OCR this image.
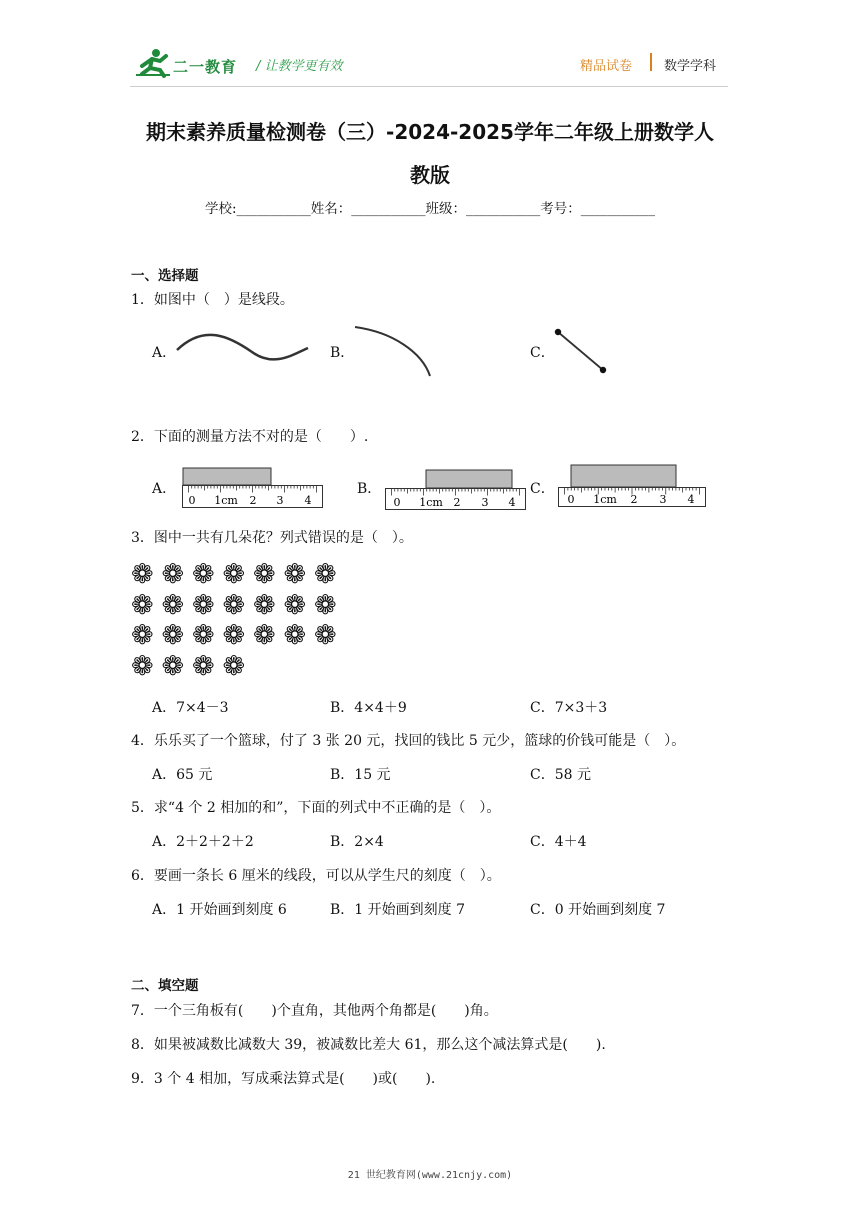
二一教育 / 让教学更有效	精品试卷 数学学科
期末素养质量检测卷（三）-2024-2025学年二年级上册数学人
教版
学校:___________姓名：___________班级：___________考号：___________
一、选择题
1．如图中（　）是线段。
A．	B．	C．
2．下面的测量方法不对的是（　　）.
A．	B．	C．
0 1cm 2 3 4	0 1cm 2 3 4	0 1cm 2 3 4
3．图中一共有几朵花？列式错误的是（　）。
❁ ❁ ❁ ❁ ❁ ❁ ❁
❁ ❁ ❁ ❁ ❁ ❁ ❁
❁ ❁ ❁ ❁ ❁ ❁ ❁
❁ ❁ ❁ ❁
A．7×4－3	B．4×4＋9	C．7×3＋3
4．乐乐买了一个篮球，付了 3 张 20 元，找回的钱比 5 元少，篮球的价钱可能是（　）。
A．65 元	B．15 元	C．58 元
5．求“4 个 2 相加的和”，下面的列式中不正确的是（　）。
A．2＋2＋2＋2	B．2×4	C．4＋4
6．要画一条长 6 厘米的线段，可以从学生尺的刻度（　）。
A．1 开始画到刻度 6	B．1 开始画到刻度 7	C．0 开始画到刻度 7
二、填空题
7．一个三角板有(　　)个直角，其他两个角都是(　　)角。
8．如果被减数比减数大 39，被减数比差大 61，那么这个减法算式是(　　).
9．3 个 4 相加，写成乘法算式是(　　)或(　　).
21 世纪教育网(www.21cnjy.com)
